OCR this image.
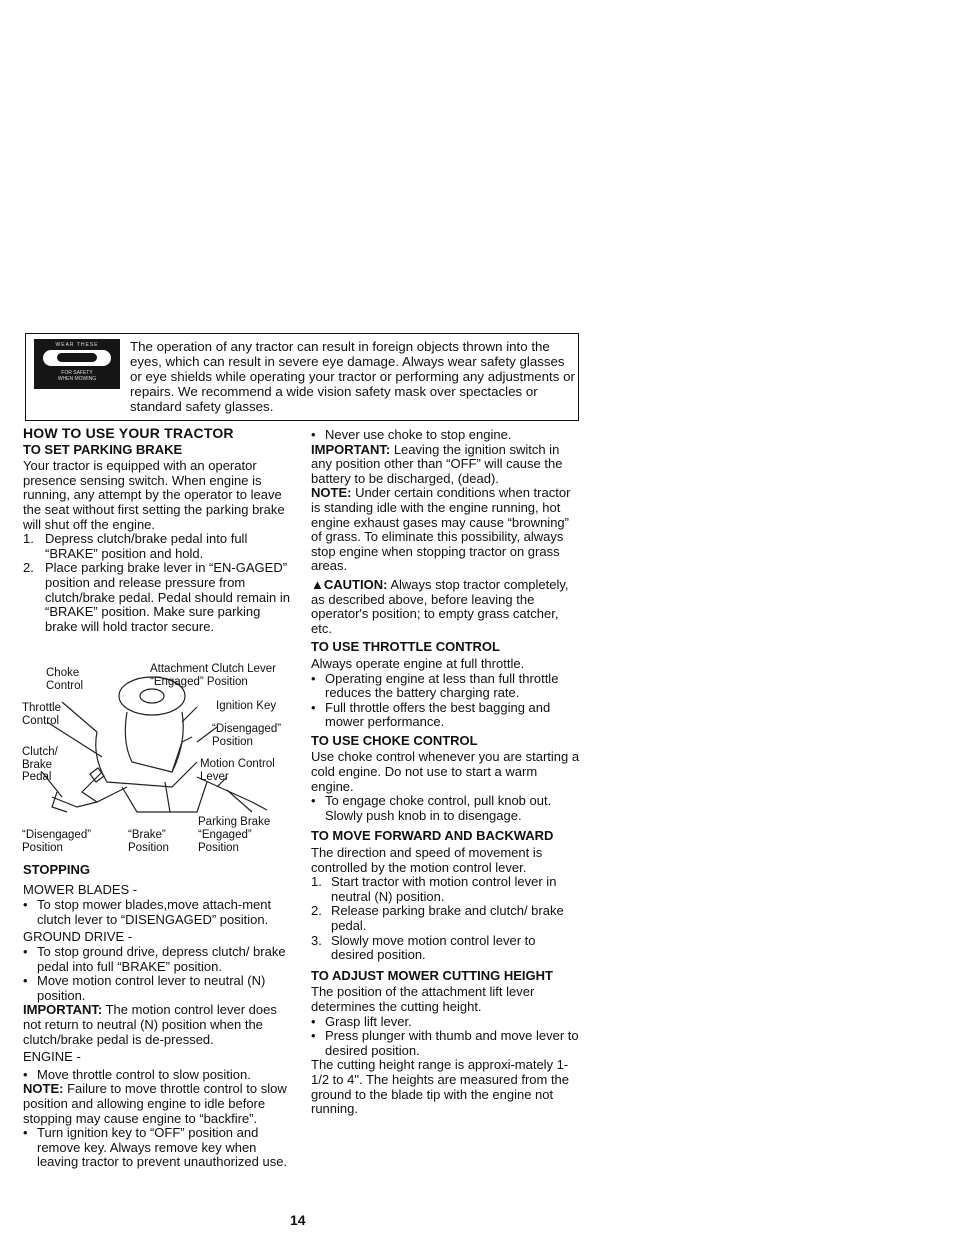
WEAR THESE
FOR SAFETY
WHEN MOWING
The operation of any tractor can result in foreign objects thrown into the eyes, which can result in severe eye damage. Always wear safety glasses or eye shields while operating your tractor or performing any adjustments or repairs. We recommend a wide vision safety mask over spectacles or standard safety glasses.

HOW TO USE YOUR TRACTOR

TO SET PARKING BRAKE

Your tractor is equipped with an operator presence sensing switch. When engine is running, any attempt by the operator to leave the seat without first setting the parking brake will shut off the engine.

1. Depress clutch/brake pedal into full “BRAKE” position and hold.
2. Place parking brake lever in “EN-GAGED” position and release pressure from clutch/brake pedal. Pedal should remain in “BRAKE” position. Make sure parking brake will hold tractor secure.
Choke
Control
Attachment Clutch Lever
“Engaged” Position
Throttle
Control
Ignition Key
“Disengaged”
Position
Clutch/
Brake
Pedal
Motion Control
Lever
Parking Brake
“Disengaged”
Position
“Brake”
Position
“Engaged”
Position

STOPPING

MOWER BLADES -

• To stop mower blades,move attach-ment clutch lever to “DISENGAGED” position.

GROUND DRIVE -

• To stop ground drive, depress clutch/ brake pedal into full “BRAKE” position.
• Move motion control lever to neutral (N) position.

IMPORTANT: The motion control lever does not return to neutral (N) position when the clutch/brake pedal is de-pressed.

ENGINE -

• Move throttle control to slow position.

NOTE: Failure to move throttle control to slow position and allowing engine to idle before stopping may cause engine to “backfire”.

• Turn ignition key to “OFF” position and remove key. Always remove key when leaving tractor to prevent unauthorized use.
• Never use choke to stop engine.

IMPORTANT: Leaving the ignition switch in any position other than “OFF” will cause the battery to be discharged, (dead).

NOTE: Under certain conditions when tractor is standing idle with the engine running, hot engine exhaust gases may cause “browning” of grass. To eliminate this possibility, always stop engine when stopping tractor on grass areas.

▲CAUTION: Always stop tractor completely, as described above, before leaving the operator's position; to empty grass catcher, etc.

TO USE THROTTLE CONTROL

Always operate engine at full throttle.

• Operating engine at less than full throttle reduces the battery charging rate.
• Full throttle offers the best bagging and mower performance.

TO USE CHOKE CONTROL

Use choke control whenever you are starting a cold engine. Do not use to start a warm engine.

• To engage choke control, pull knob out. Slowly push knob in to disengage.

TO MOVE FORWARD AND BACKWARD

The direction and speed of movement is controlled by the motion control lever.

1. Start tractor with motion control lever in neutral (N) position.
2. Release parking brake and clutch/ brake pedal.
3. Slowly move motion control lever to desired position.

TO ADJUST MOWER CUTTING HEIGHT

The position of the attachment lift lever determines the cutting height.

• Grasp lift lever.
• Press plunger with thumb and move lever to desired position.

The cutting height range is approxi-mately 1-1/2 to 4". The heights are measured from the ground to the blade tip with the engine not running.

14
